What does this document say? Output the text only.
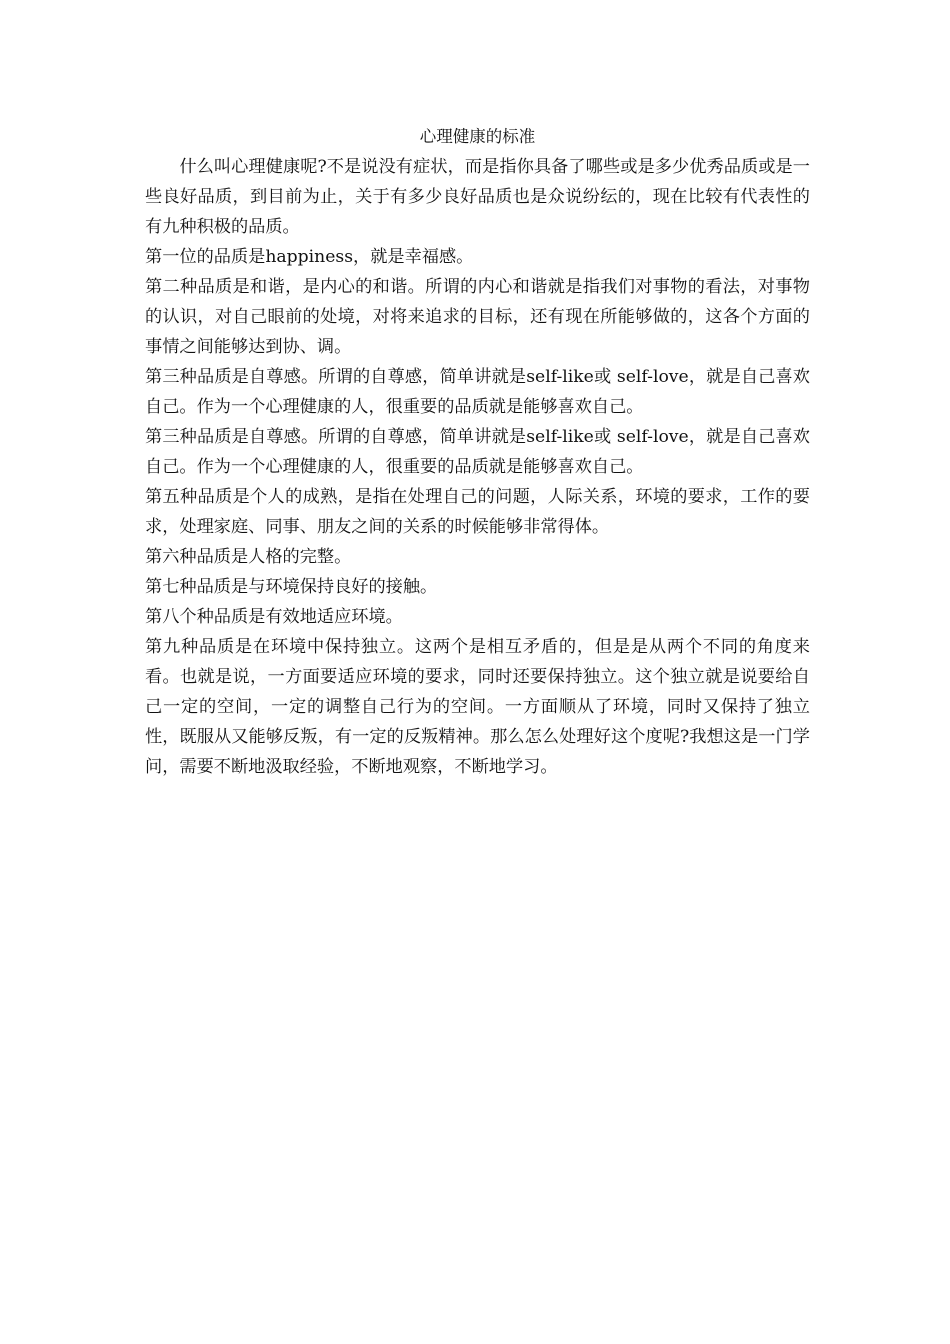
心理健康的标准

什么叫心理健康呢?不是说没有症状，而是指你具备了哪些或是多少优秀品质或是一些良好品质，到目前为止，关于有多少良好品质也是众说纷纭的，现在比较有代表性的有九种积极的品质。

第一位的品质是happiness，就是幸福感。

第二种品质是和谐，是内心的和谐。所谓的内心和谐就是指我们对事物的看法，对事物的认识，对自己眼前的处境，对将来追求的目标，还有现在所能够做的，这各个方面的事情之间能够达到协、调。

第三种品质是自尊感。所谓的自尊感，简单讲就是self-like或 self-love，就是自己喜欢自己。作为一个心理健康的人，很重要的品质就是能够喜欢自己。

第三种品质是自尊感。所谓的自尊感，简单讲就是self-like或 self-love，就是自己喜欢自己。作为一个心理健康的人，很重要的品质就是能够喜欢自己。

第五种品质是个人的成熟，是指在处理自己的问题，人际关系，环境的要求，工作的要求，处理家庭、同事、朋友之间的关系的时候能够非常得体。

第六种品质是人格的完整。

第七种品质是与环境保持良好的接触。

第八个种品质是有效地适应环境。

第九种品质是在环境中保持独立。这两个是相互矛盾的，但是是从两个不同的角度来看。也就是说，一方面要适应环境的要求，同时还要保持独立。这个独立就是说要给自己一定的空间，一定的调整自己行为的空间。一方面顺从了环境，同时又保持了独立性，既服从又能够反叛，有一定的反叛精神。那么怎么处理好这个度呢?我想这是一门学问，需要不断地汲取经验，不断地观察，不断地学习。
